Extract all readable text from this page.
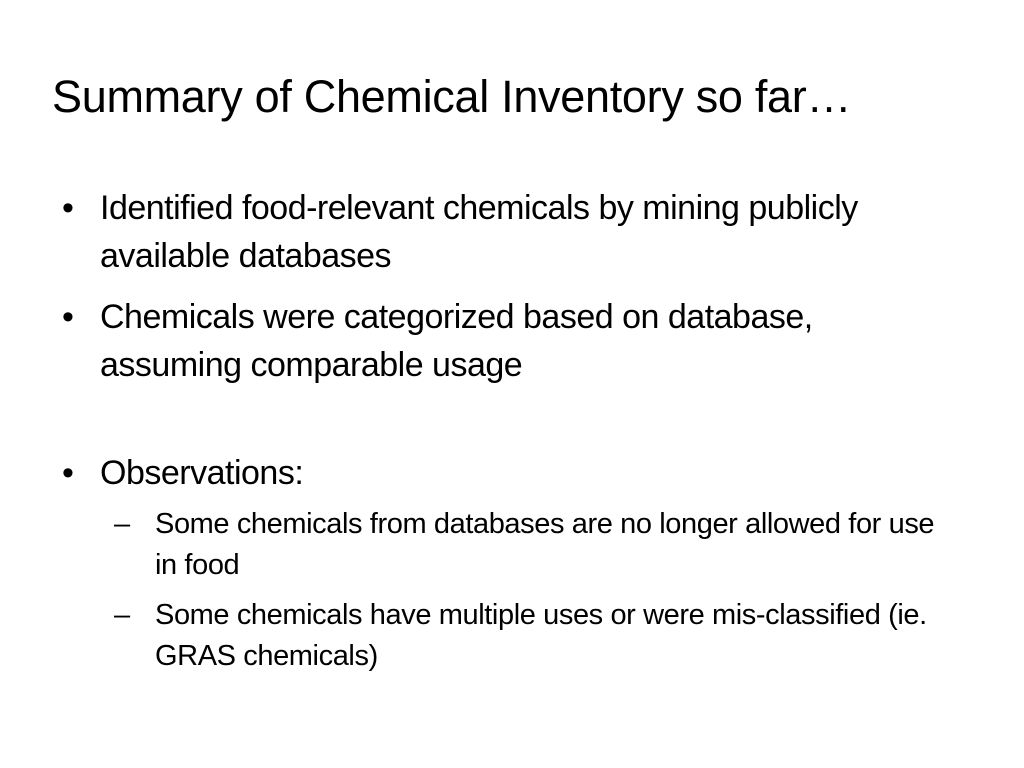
Summary of Chemical Inventory so far…
• Identified food-relevant chemicals by mining publicly available databases
• Chemicals were categorized based on database, assuming comparable usage
• Observations:
– Some chemicals from databases are no longer allowed for use in food
– Some chemicals have multiple uses or were mis-classified (ie. GRAS chemicals)
